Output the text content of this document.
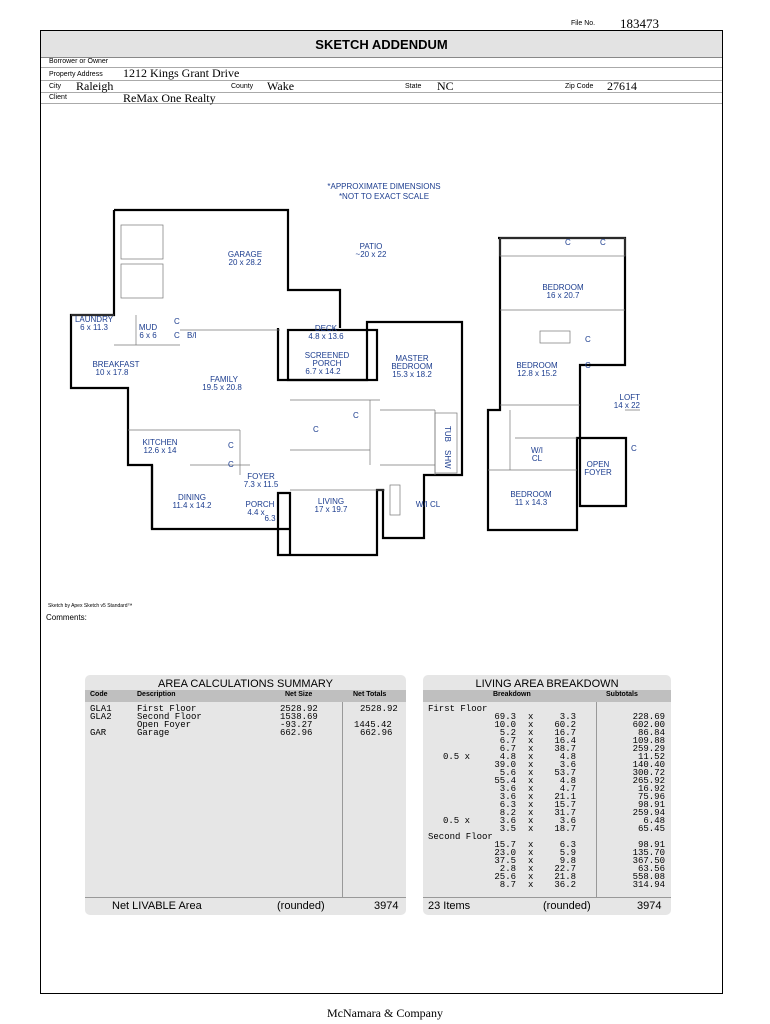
File No. 183473
SKETCH ADDENDUM
Borrower or Owner
Property Address 1212 Kings Grant Drive
City Raleigh	County Wake	State NC	Zip Code 27614
Client	ReMax One Realty
*APPROXIMATE DIMENSIONS
*NOT TO EXACT SCALE
GARAGE
20 x 28.2
PATIO
~20 x 22
LAUNDRY
6 x 11.3	MUD
6 x 6
DECK
4.8 x 13.6
SCREENED
PORCH
6.7 x 14.2
MASTER
BEDROOM
15.3 x 18.2
BREAKFAST
10 x 17.8
FAMILY
19.5 x 20.8
KITCHEN
12.6 x 14
FOYER
7.3 x 11.5
DINING
11.4 x 14.2	PORCH
4.4 x
6.3
LIVING
17 x 19.7
W/I CL
BEDROOM
16 x 20.7
BEDROOM
12.8 x 15.2
LOFT
14 x 22
W/I
CL
OPEN
FOYER
BEDROOM
11 x 14.3
C
C B/I
C
C
C
C
C	C
C
C
C
TUB
SHW
Sketch by Apex Sketch v5 Standard™
Comments:
AREA CALCULATIONS SUMMARY
Code	Description	Net Size	Net Totals
GLA1	First Floor	2528.92	2528.92
GLA2	Second Floor	1538.69
Open Foyer	-93.27	1445.42
GAR	Garage	662.96	662.96
Net LIVABLE Area	(rounded)	3974
LIVING AREA BREAKDOWN
Breakdown	Subtotals
First Floor
69.3 x	3.3	228.69
10.0 x 60.2	602.00
5.2 x 16.7	86.84
6.7 x 16.4	109.88
6.7 x 38.7	259.29
0.5 x	4.8 x	4.8	11.52
39.0 x	3.6	140.40
5.6 x 53.7	300.72
55.4 x	4.8	265.92
3.6 x	4.7	16.92
3.6 x 21.1	75.96
6.3 x 15.7	98.91
8.2 x 31.7	259.94
0.5 x	3.6 x	3.6	6.48
3.5 x 18.7	65.45
Second Floor
15.7 x	6.3	98.91
23.0 x	5.9	135.70
37.5 x	9.8	367.50
2.8 x 22.7	63.56
25.6 x 21.8	558.08
8.7 x 36.2	314.94
23 Items	(rounded)	3974
McNamara & Company
